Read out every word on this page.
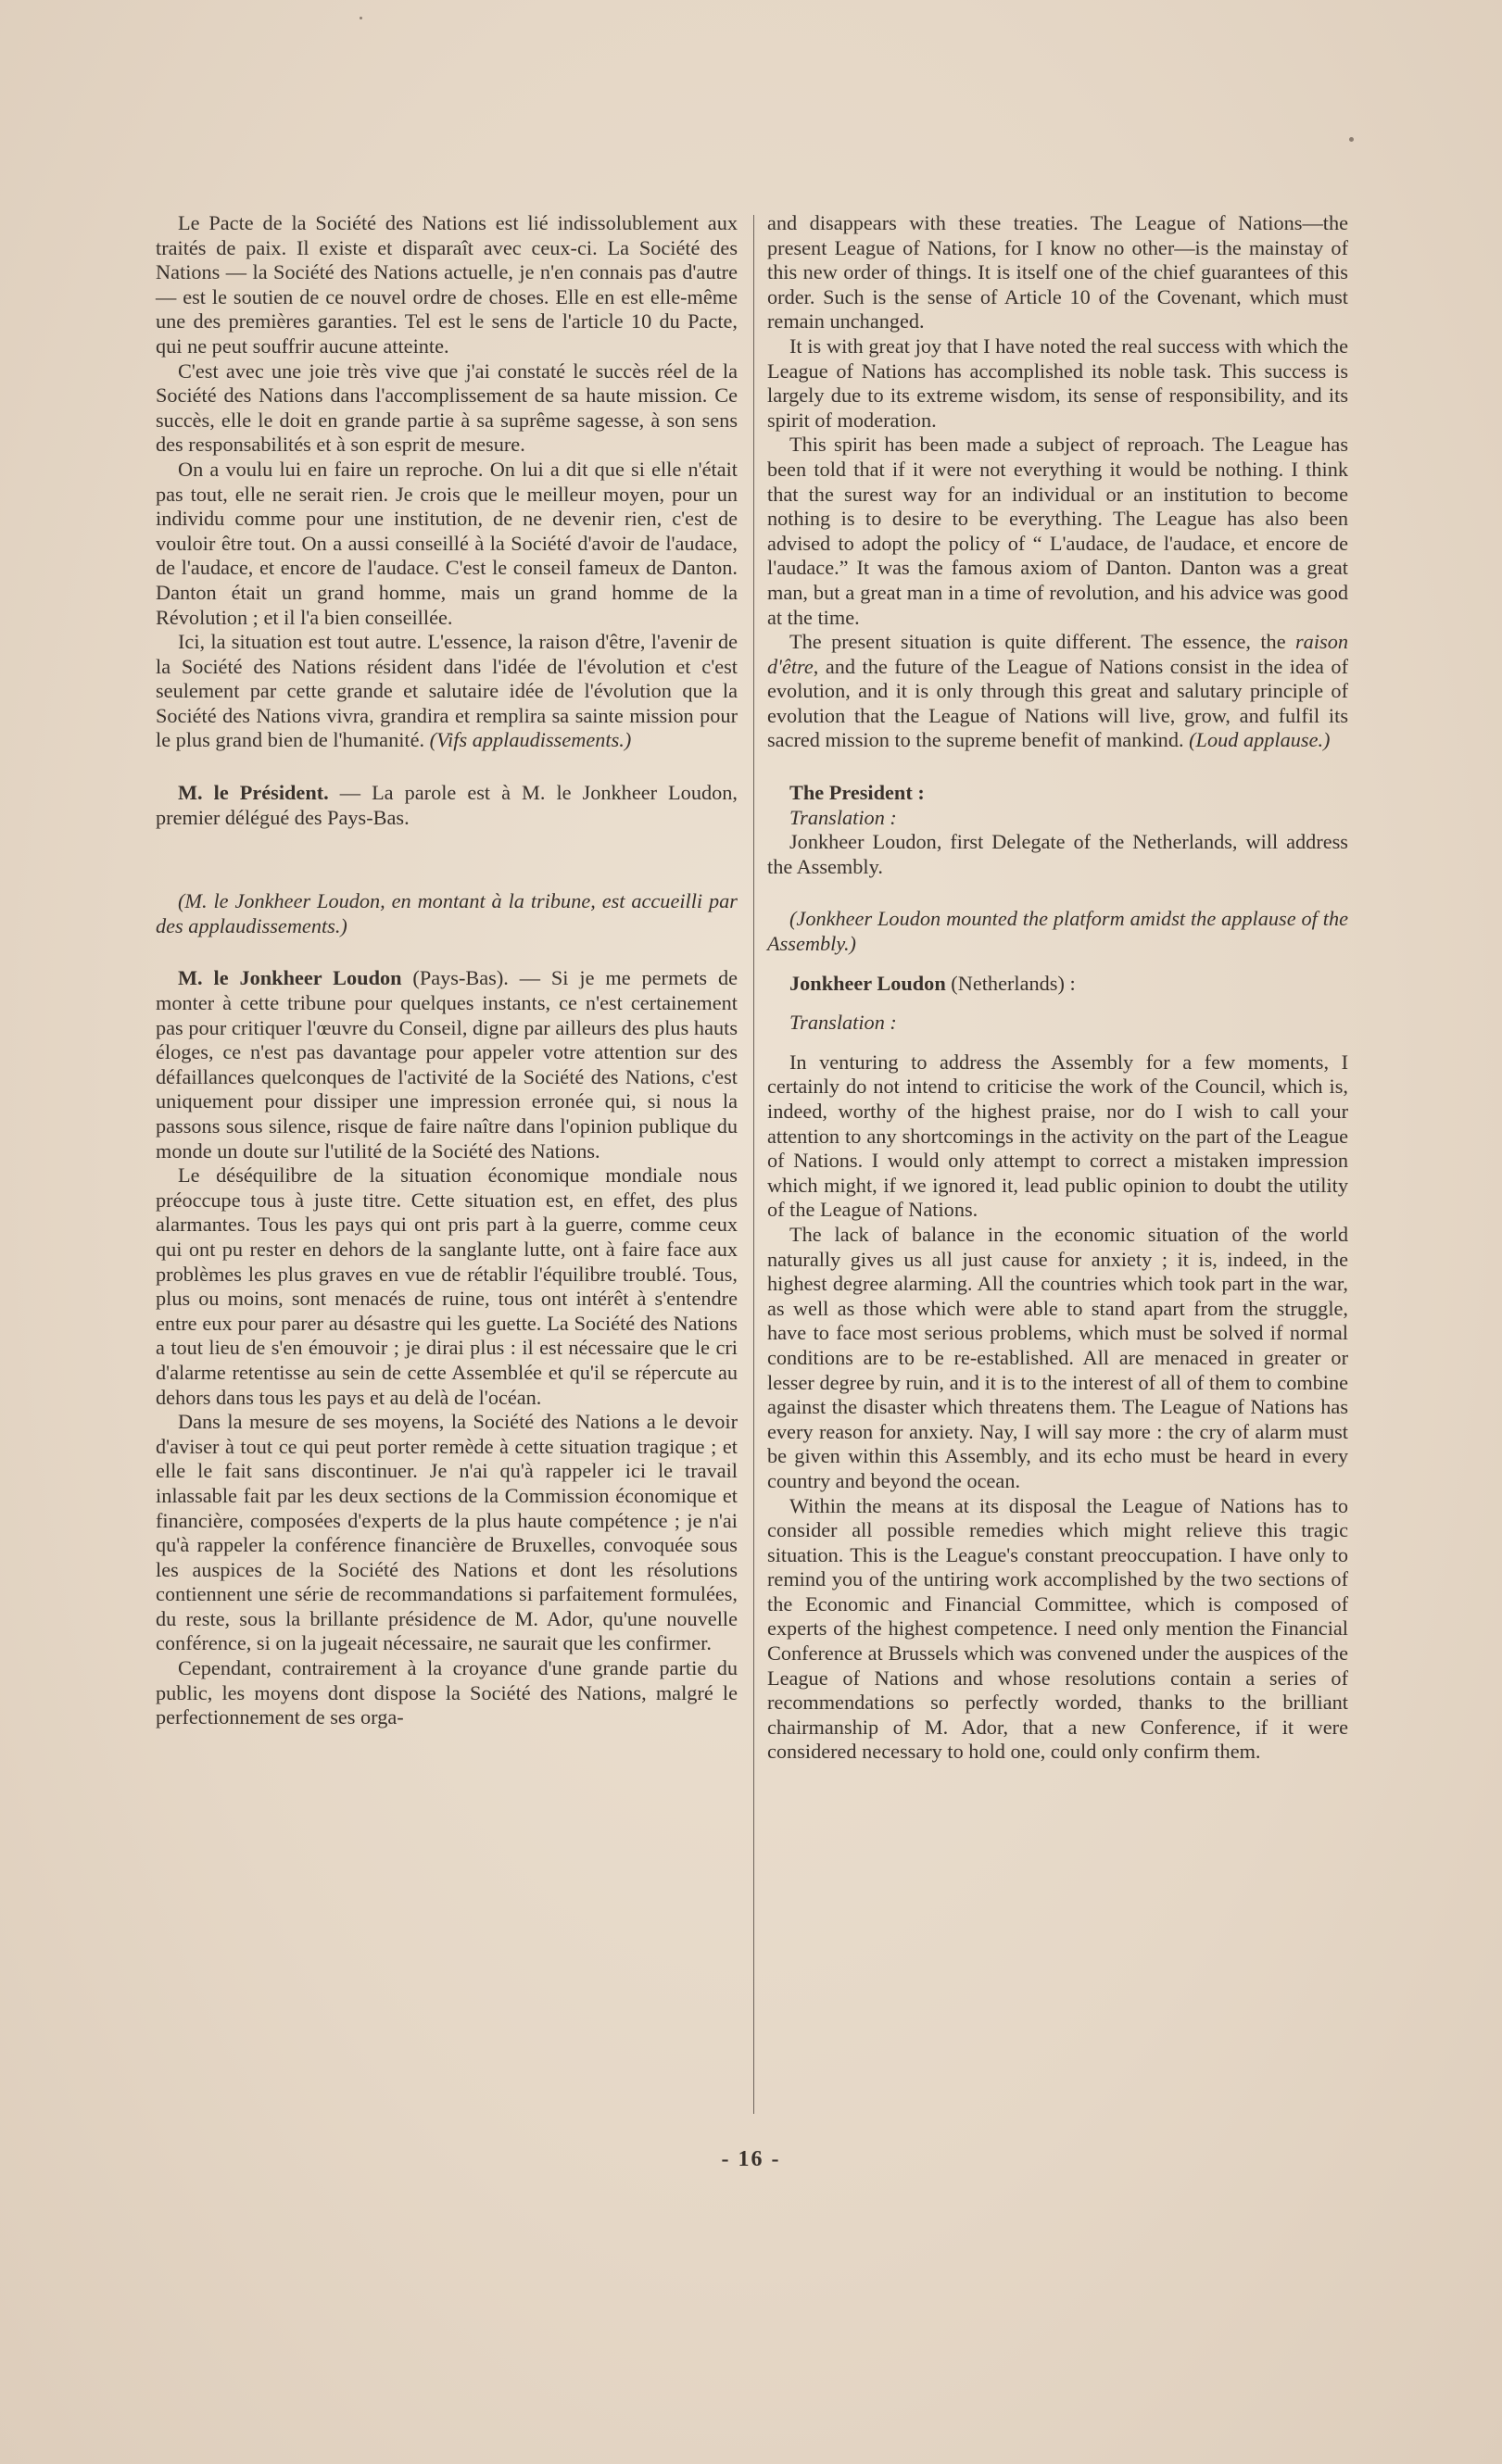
Le Pacte de la Société des Nations est lié indissolublement aux traités de paix. Il existe et disparaît avec ceux-ci. La Société des Nations — la Société des Nations actuelle, je n'en connais pas d'autre — est le soutien de ce nouvel ordre de choses. Elle en est elle-même une des premières garanties. Tel est le sens de l'article 10 du Pacte, qui ne peut souffrir aucune atteinte.

C'est avec une joie très vive que j'ai constaté le succès réel de la Société des Nations dans l'accomplissement de sa haute mission. Ce succès, elle le doit en grande partie à sa suprême sagesse, à son sens des responsabilités et à son esprit de mesure.

On a voulu lui en faire un reproche. On lui a dit que si elle n'était pas tout, elle ne serait rien. Je crois que le meilleur moyen, pour un individu comme pour une institution, de ne devenir rien, c'est de vouloir être tout. On a aussi conseillé à la Société d'avoir de l'audace, de l'audace, et encore de l'audace. C'est le conseil fameux de Danton. Danton était un grand homme, mais un grand homme de la Révolution ; et il l'a bien conseillée.

Ici, la situation est tout autre. L'essence, la raison d'être, l'avenir de la Société des Nations résident dans l'idée de l'évolution et c'est seulement par cette grande et salutaire idée de l'évolution que la Société des Nations vivra, grandira et remplira sa sainte mission pour le plus grand bien de l'humanité. (Vifs applaudissements.)

M. le Président. — La parole est à M. le Jonkheer Loudon, premier délégué des Pays-Bas.

(M. le Jonkheer Loudon, en montant à la tribune, est accueilli par des applaudissements.)

M. le Jonkheer Loudon (Pays-Bas). — Si je me permets de monter à cette tribune pour quelques instants, ce n'est certainement pas pour critiquer l'œuvre du Conseil, digne par ailleurs des plus hauts éloges, ce n'est pas davantage pour appeler votre attention sur des défaillances quelconques de l'activité de la Société des Nations, c'est uniquement pour dissiper une impression erronée qui, si nous la passons sous silence, risque de faire naître dans l'opinion publique du monde un doute sur l'utilité de la Société des Nations.

Le déséquilibre de la situation économique mondiale nous préoccupe tous à juste titre. Cette situation est, en effet, des plus alarmantes. Tous les pays qui ont pris part à la guerre, comme ceux qui ont pu rester en dehors de la sanglante lutte, ont à faire face aux problèmes les plus graves en vue de rétablir l'équilibre troublé. Tous, plus ou moins, sont menacés de ruine, tous ont intérêt à s'entendre entre eux pour parer au désastre qui les guette. La Société des Nations a tout lieu de s'en émouvoir ; je dirai plus : il est nécessaire que le cri d'alarme retentisse au sein de cette Assemblée et qu'il se répercute au dehors dans tous les pays et au delà de l'océan.

Dans la mesure de ses moyens, la Société des Nations a le devoir d'aviser à tout ce qui peut porter remède à cette situation tragique ; et elle le fait sans discontinuer. Je n'ai qu'à rappeler ici le travail inlassable fait par les deux sections de la Commission économique et financière, composées d'experts de la plus haute compétence ; je n'ai qu'à rappeler la conférence financière de Bruxelles, convoquée sous les auspices de la Société des Nations et dont les résolutions contiennent une série de recommandations si parfaitement formulées, du reste, sous la brillante présidence de M. Ador, qu'une nouvelle conférence, si on la jugeait nécessaire, ne saurait que les confirmer.

Cependant, contrairement à la croyance d'une grande partie du public, les moyens dont dispose la Société des Nations, malgré le perfectionnement de ses orga-

and disappears with these treaties. The League of Nations—the present League of Nations, for I know no other—is the mainstay of this new order of things. It is itself one of the chief guarantees of this order. Such is the sense of Article 10 of the Covenant, which must remain unchanged.

It is with great joy that I have noted the real success with which the League of Nations has accomplished its noble task. This success is largely due to its extreme wisdom, its sense of responsibility, and its spirit of moderation.

This spirit has been made a subject of reproach. The League has been told that if it were not everything it would be nothing. I think that the surest way for an individual or an institution to become nothing is to desire to be everything. The League has also been advised to adopt the policy of “ L'audace, de l'audace, et encore de l'audace.” It was the famous axiom of Danton. Danton was a great man, but a great man in a time of revolution, and his advice was good at the time.

The present situation is quite different. The essence, the raison d'être, and the future of the League of Nations consist in the idea of evolution, and it is only through this great and salutary principle of evolution that the League of Nations will live, grow, and fulfil its sacred mission to the supreme benefit of mankind. (Loud applause.)

The President :

Translation :

Jonkheer Loudon, first Delegate of the Netherlands, will address the Assembly.

(Jonkheer Loudon mounted the platform amidst the applause of the Assembly.)

Jonkheer Loudon (Netherlands) :

Translation :

In venturing to address the Assembly for a few moments, I certainly do not intend to criticise the work of the Council, which is, indeed, worthy of the highest praise, nor do I wish to call your attention to any shortcomings in the activity on the part of the League of Nations. I would only attempt to correct a mistaken impression which might, if we ignored it, lead public opinion to doubt the utility of the League of Nations.

The lack of balance in the economic situation of the world naturally gives us all just cause for anxiety ; it is, indeed, in the highest degree alarming. All the countries which took part in the war, as well as those which were able to stand apart from the struggle, have to face most serious problems, which must be solved if normal conditions are to be re-established. All are menaced in greater or lesser degree by ruin, and it is to the interest of all of them to combine against the disaster which threatens them. The League of Nations has every reason for anxiety. Nay, I will say more : the cry of alarm must be given within this Assembly, and its echo must be heard in every country and beyond the ocean.

Within the means at its disposal the League of Nations has to consider all possible remedies which might relieve this tragic situation. This is the League's constant preoccupation. I have only to remind you of the untiring work accomplished by the two sections of the Economic and Financial Committee, which is composed of experts of the highest competence. I need only mention the Financial Conference at Brussels which was convened under the auspices of the League of Nations and whose resolutions contain a series of recommendations so perfectly worded, thanks to the brilliant chairmanship of M. Ador, that a new Conference, if it were considered necessary to hold one, could only confirm them.

- 16 -
